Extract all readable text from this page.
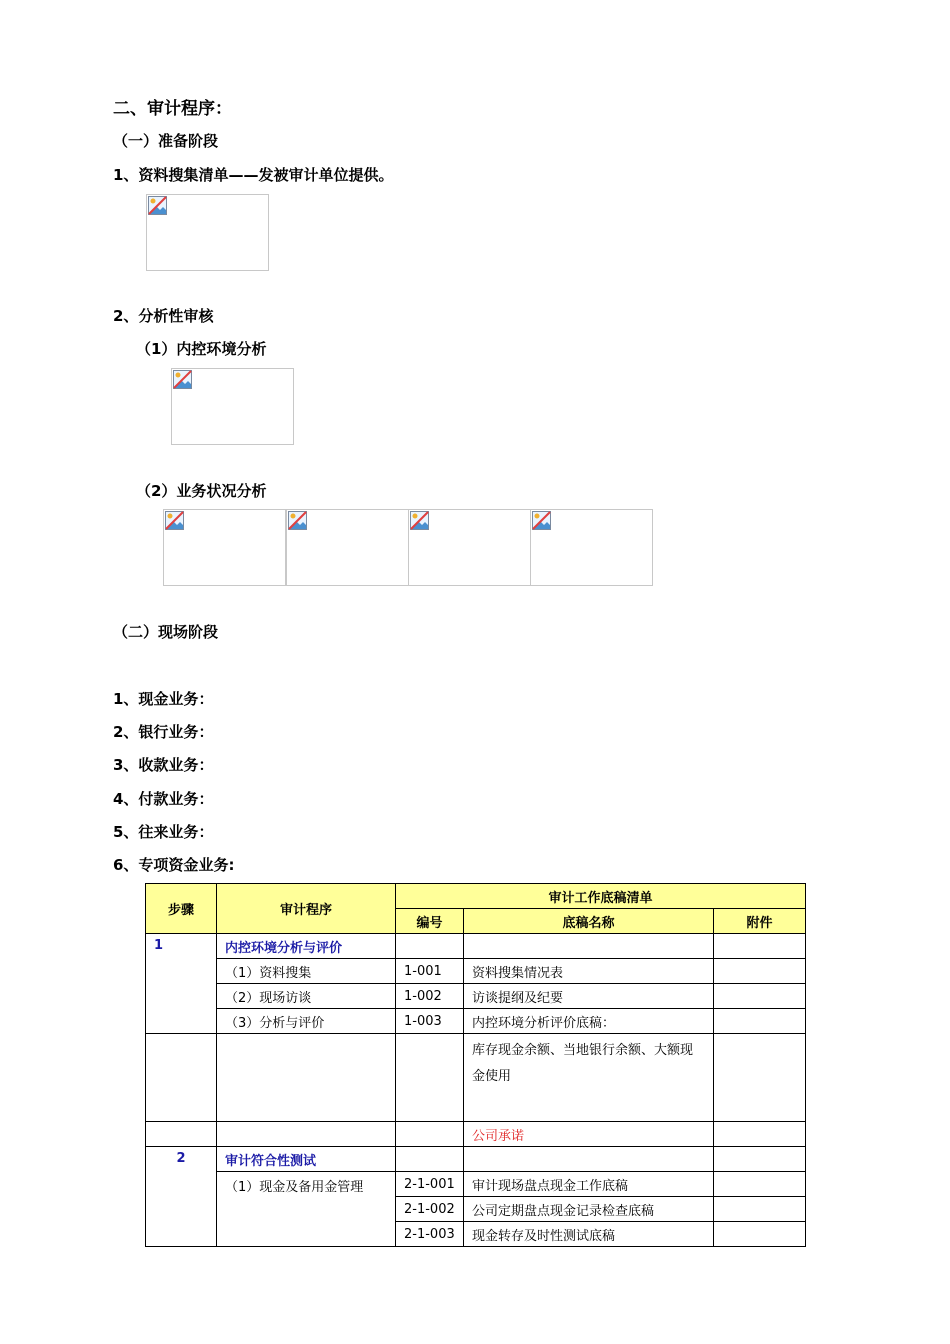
二、审计程序：
（一）准备阶段
1、资料搜集清单——发被审计单位提供。
2、分析性审核
（1）内控环境分析
（2）业务状况分析
（二）现场阶段
1、现金业务：
2、银行业务：
3、收款业务：
4、付款业务：
5、往来业务：
6、专项资金业务:
步骤	审计程序	审计工作底稿清单		
		编号	底稿名称	附件
1	内控环境分析与评价			
	（1）资料搜集	1-001	资料搜集情况表	
	（2）现场访谈	1-002	访谈提纲及纪要	
	（3）分析与评价	1-003	内控环境分析评价底稿：	
			库存现金余额、当地银行余额、大额现金使用	
			公司承诺	
2	审计符合性测试			
	（1）现金及备用金管理	2-1-001	审计现场盘点现金工作底稿	
		2-1-002	公司定期盘点现金记录检查底稿	
		2-1-003	现金转存及时性测试底稿	
